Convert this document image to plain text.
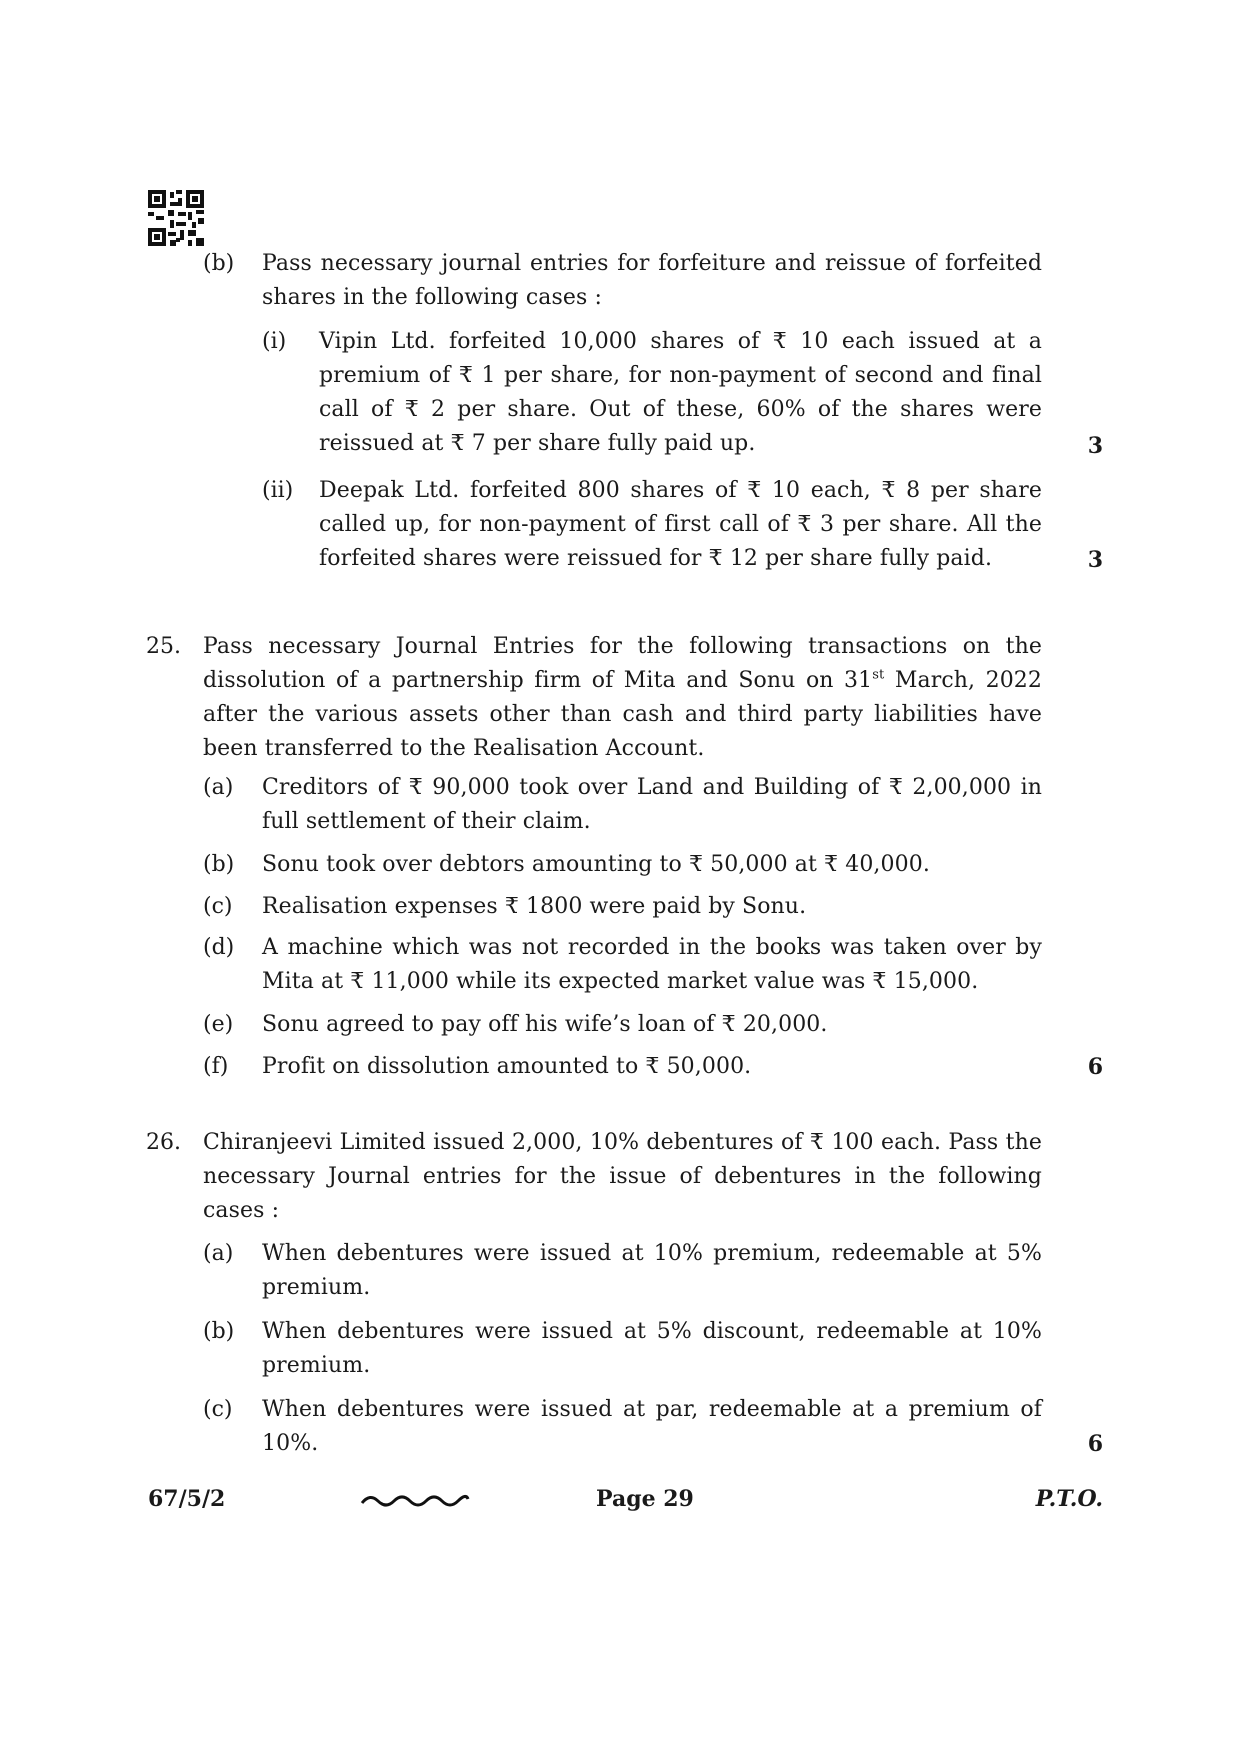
(b) Pass necessary journal entries for forfeiture and reissue of forfeited shares in the following cases :
(i) Vipin Ltd. forfeited 10,000 shares of ₹ 10 each issued at a premium of ₹ 1 per share, for non-payment of second and final call of ₹ 2 per share. Out of these, 60% of the shares were reissued at ₹ 7 per share fully paid up.	3
(ii) Deepak Ltd. forfeited 800 shares of ₹ 10 each, ₹ 8 per share called up, for non-payment of first call of ₹ 3 per share. All the forfeited shares were reissued for ₹ 12 per share fully paid.	3
25. Pass necessary Journal Entries for the following transactions on the dissolution of a partnership firm of Mita and Sonu on 31st March, 2022 after the various assets other than cash and third party liabilities have been transferred to the Realisation Account.
(a) Creditors of ₹ 90,000 took over Land and Building of ₹ 2,00,000 in full settlement of their claim.
(b) Sonu took over debtors amounting to ₹ 50,000 at ₹ 40,000.
(c) Realisation expenses ₹ 1800 were paid by Sonu.
(d) A machine which was not recorded in the books was taken over by Mita at ₹ 11,000 while its expected market value was ₹ 15,000.
(e) Sonu agreed to pay off his wife’s loan of ₹ 20,000.
(f) Profit on dissolution amounted to ₹ 50,000.	6
26. Chiranjeevi Limited issued 2,000, 10% debentures of ₹ 100 each. Pass the necessary Journal entries for the issue of debentures in the following cases :
(a) When debentures were issued at 10% premium, redeemable at 5% premium.
(b) When debentures were issued at 5% discount, redeemable at 10% premium.
(c) When debentures were issued at par, redeemable at a premium of 10%.	6
67/5/2	Page 29	P.T.O.
